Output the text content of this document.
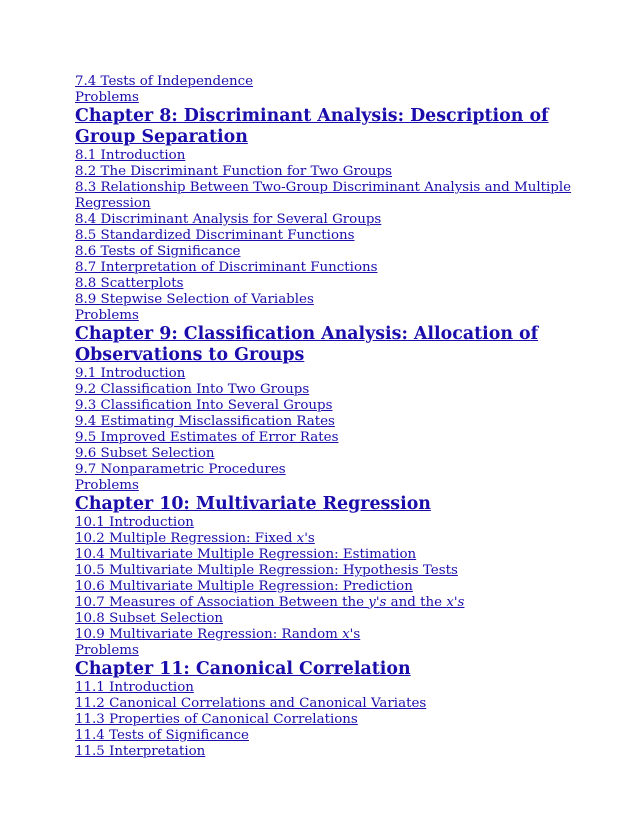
7.4 Tests of Independence
Problems
Chapter 8: Discriminant Analysis: Description of Group Separation
8.1 Introduction
8.2 The Discriminant Function for Two Groups
8.3 Relationship Between Two-Group Discriminant Analysis and Multiple Regression
8.4 Discriminant Analysis for Several Groups
8.5 Standardized Discriminant Functions
8.6 Tests of Significance
8.7 Interpretation of Discriminant Functions
8.8 Scatterplots
8.9 Stepwise Selection of Variables
Problems
Chapter 9: Classification Analysis: Allocation of Observations to Groups
9.1 Introduction
9.2 Classification Into Two Groups
9.3 Classification Into Several Groups
9.4 Estimating Misclassification Rates
9.5 Improved Estimates of Error Rates
9.6 Subset Selection
9.7 Nonparametric Procedures
Problems
Chapter 10: Multivariate Regression
10.1 Introduction
10.2 Multiple Regression: Fixed x's
10.4 Multivariate Multiple Regression: Estimation
10.5 Multivariate Multiple Regression: Hypothesis Tests
10.6 Multivariate Multiple Regression: Prediction
10.7 Measures of Association Between the y's and the x's
10.8 Subset Selection
10.9 Multivariate Regression: Random x's
Problems
Chapter 11: Canonical Correlation
11.1 Introduction
11.2 Canonical Correlations and Canonical Variates
11.3 Properties of Canonical Correlations
11.4 Tests of Significance
11.5 Interpretation
